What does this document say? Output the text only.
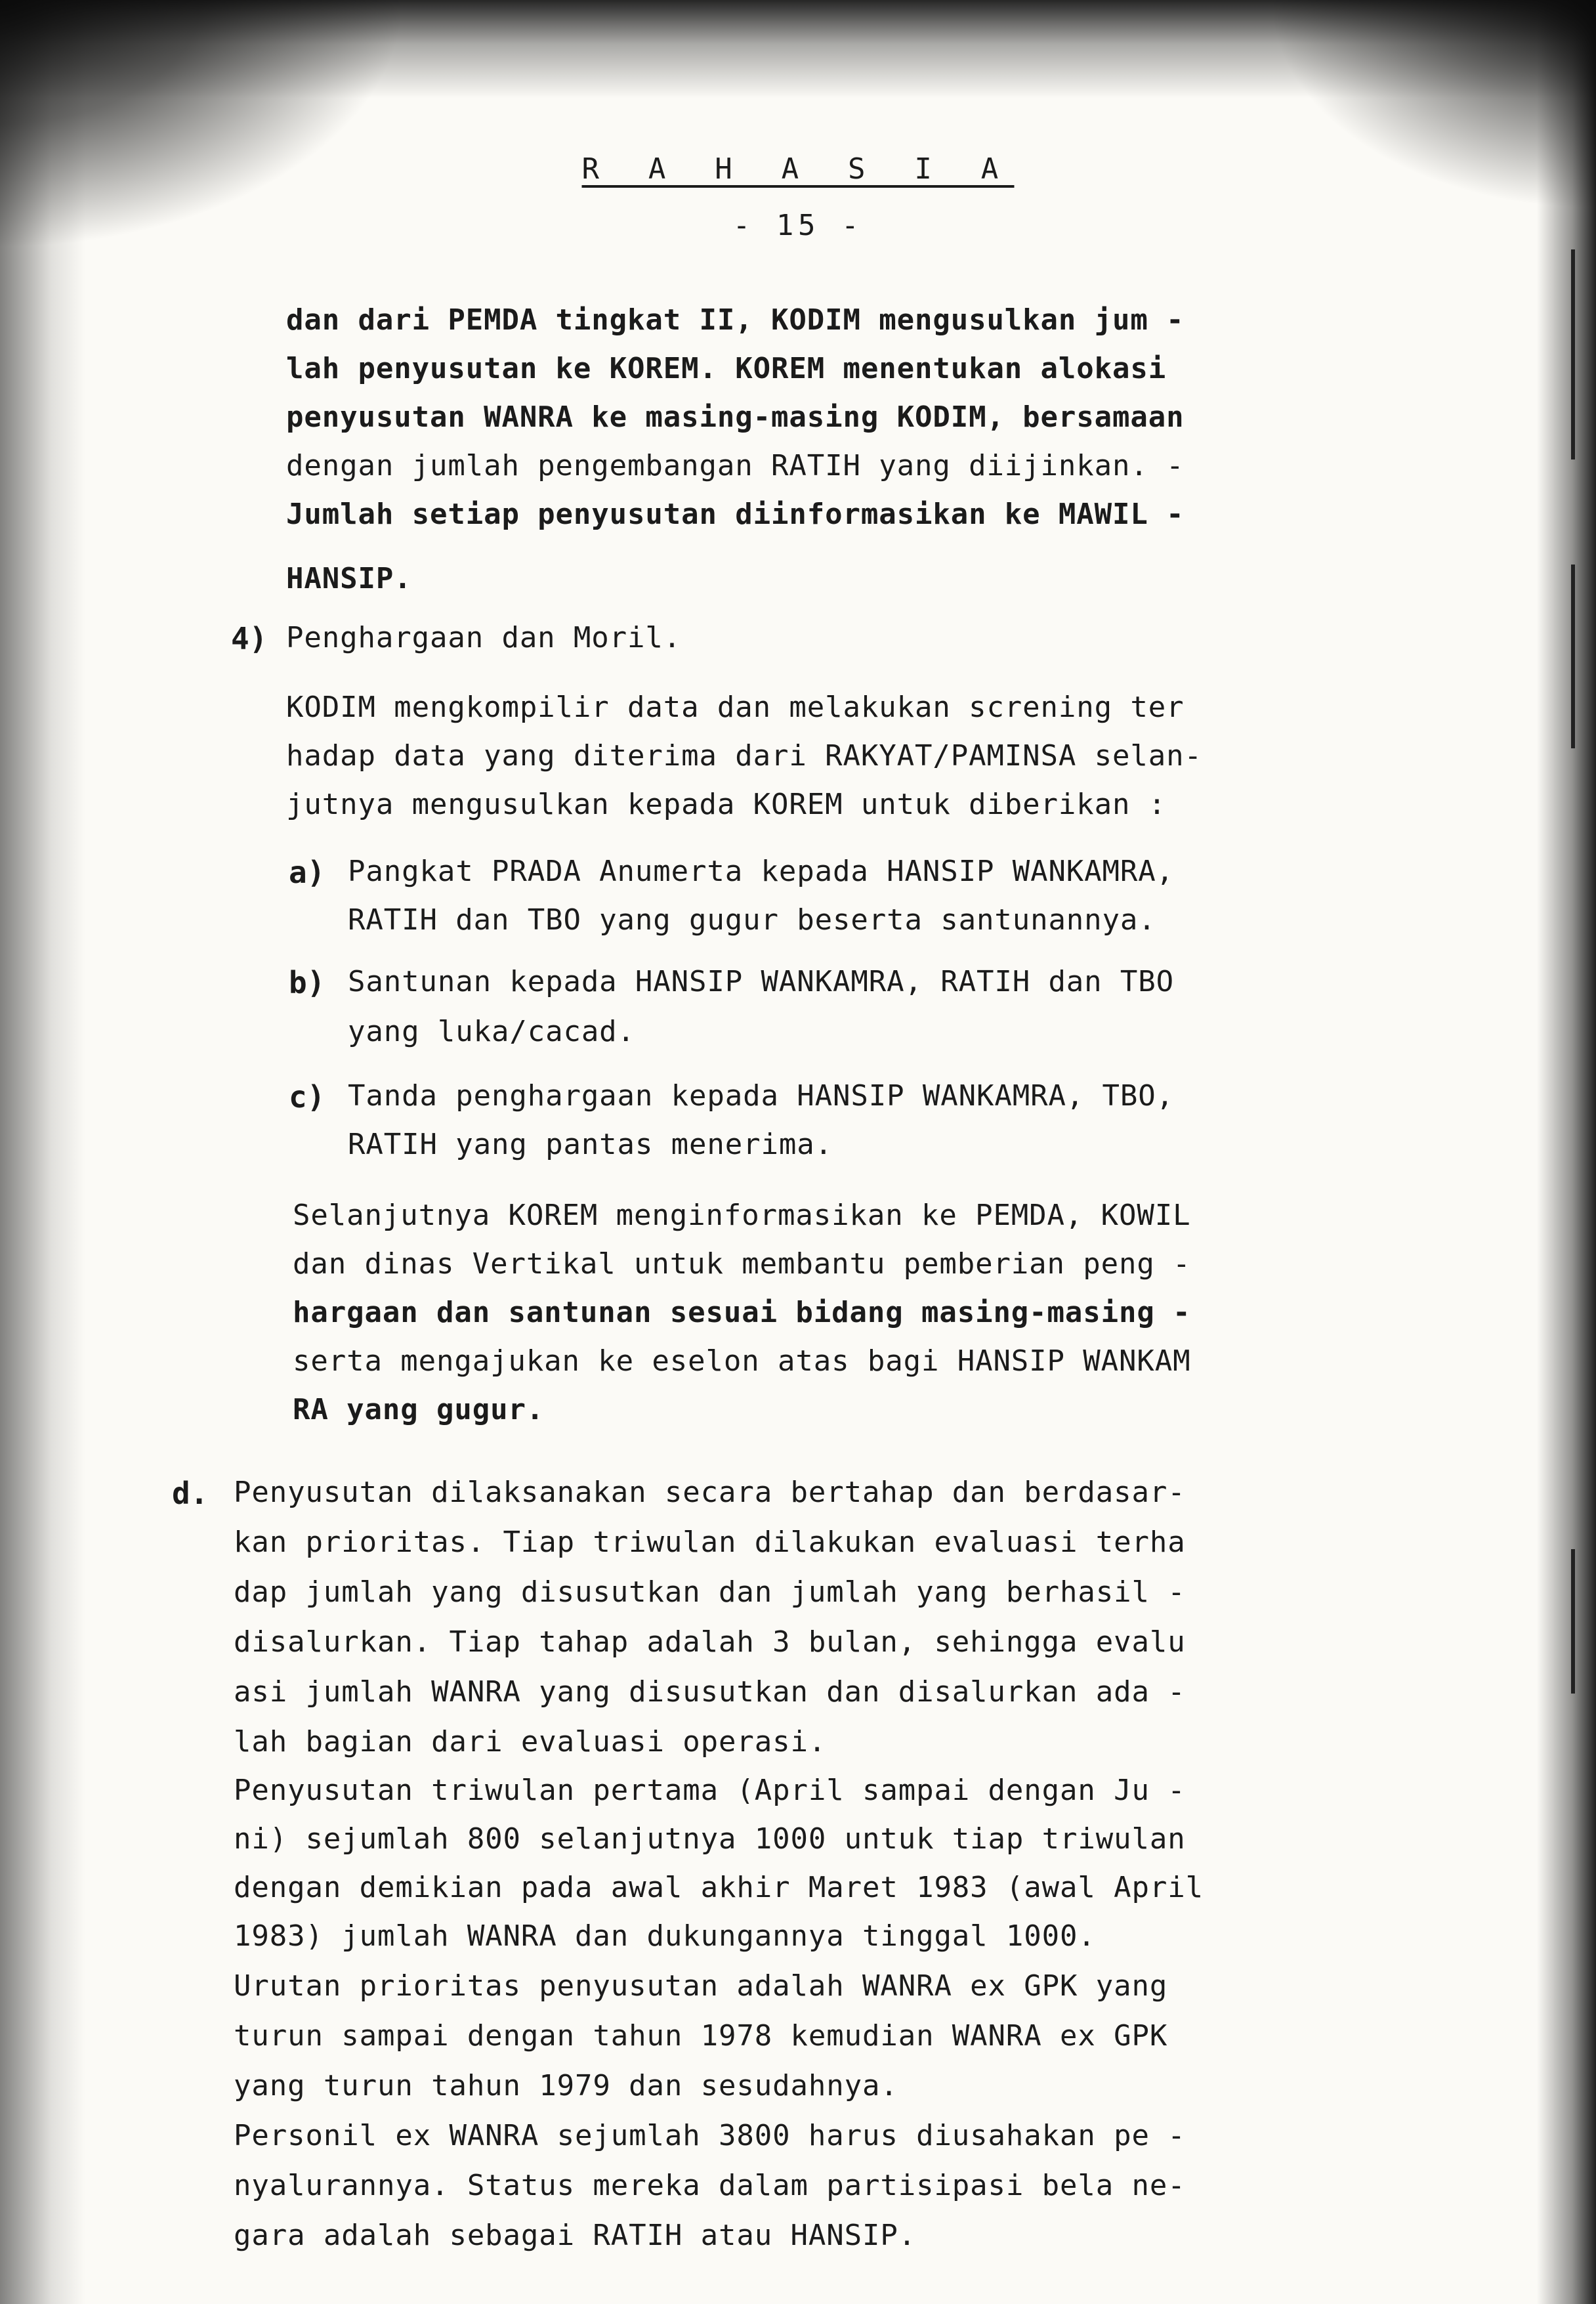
R A H A S I A
- 15 -
dan dari PEMDA tingkat II, KODIM mengusulkan jum -
lah penyusutan ke KOREM. KOREM menentukan alokasi
penyusutan WANRA ke masing-masing KODIM, bersamaan
dengan jumlah pengembangan RATIH yang diijinkan. -
Jumlah setiap penyusutan diinformasikan ke MAWIL -
HANSIP.
4) Penghargaan dan Moril.
KODIM mengkompilir data dan melakukan screning ter
hadap data yang diterima dari RAKYAT/PAMINSA selan-
jutnya mengusulkan kepada KOREM untuk diberikan :
a) Pangkat PRADA Anumerta kepada HANSIP WANKAMRA,
RATIH dan TBO yang gugur beserta santunannya.
b) Santunan kepada HANSIP WANKAMRA, RATIH dan TBO
yang luka/cacad.
c) Tanda penghargaan kepada HANSIP WANKAMRA, TBO,
RATIH yang pantas menerima.
Selanjutnya KOREM menginformasikan ke PEMDA, KOWIL
dan dinas Vertikal untuk membantu pemberian peng -
hargaan dan santunan sesuai bidang masing-masing -
serta mengajukan ke eselon atas bagi HANSIP WANKAM
RA yang gugur.
d. Penyusutan dilaksanakan secara bertahap dan berdasar-
kan prioritas. Tiap triwulan dilakukan evaluasi terha
dap jumlah yang disusutkan dan jumlah yang berhasil -
disalurkan. Tiap tahap adalah 3 bulan, sehingga evalu
asi jumlah WANRA yang disusutkan dan disalurkan ada -
lah bagian dari evaluasi operasi.
Penyusutan triwulan pertama (April sampai dengan Ju -
ni) sejumlah 800 selanjutnya 1000 untuk tiap triwulan
dengan demikian pada awal akhir Maret 1983 (awal April
1983) jumlah WANRA dan dukungannya tinggal 1000.
Urutan prioritas penyusutan adalah WANRA ex GPK yang
turun sampai dengan tahun 1978 kemudian WANRA ex GPK
yang turun tahun 1979 dan sesudahnya.
Personil ex WANRA sejumlah 3800 harus diusahakan pe -
nyalurannya. Status mereka dalam partisipasi bela ne-
gara adalah sebagai RATIH atau HANSIP.
